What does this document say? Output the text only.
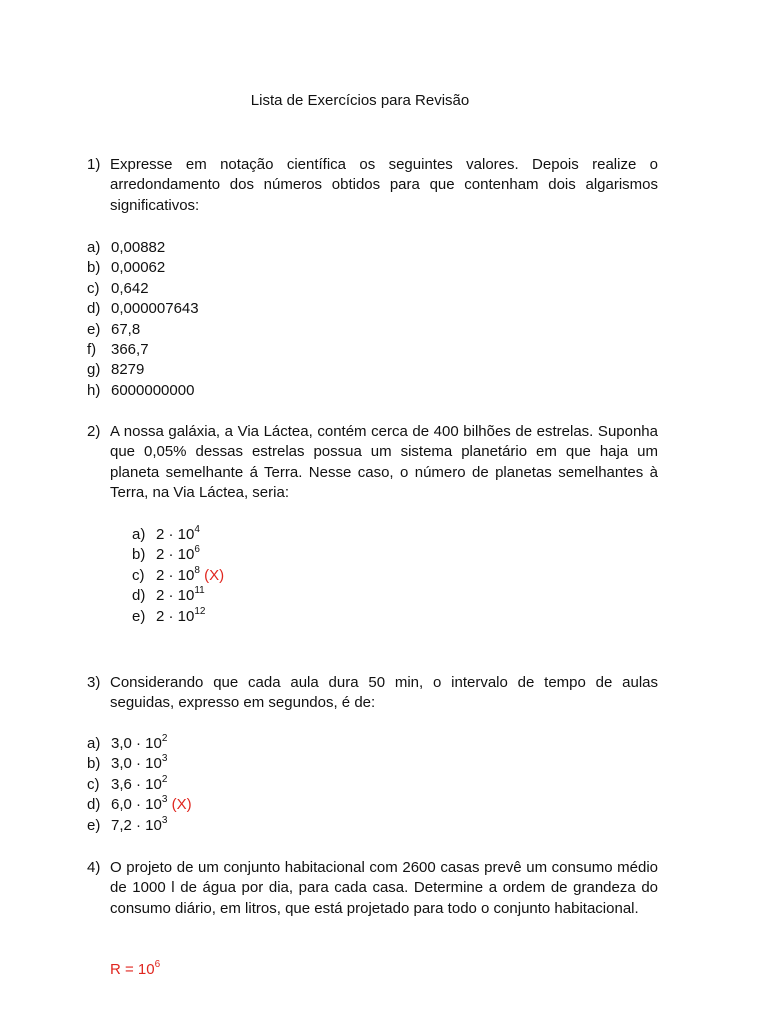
Lista de Exercícios para Revisão
1) Expresse em notação científica os seguintes valores. Depois realize o arredondamento dos números obtidos para que contenham dois algarismos significativos:
a) 0,00882
b) 0,00062
c) 0,642
d) 0,000007643
e) 67,8
f) 366,7
g) 8279
h) 6000000000
2) A nossa galáxia, a Via Láctea, contém cerca de 400 bilhões de estrelas. Suponha que 0,05% dessas estrelas possua um sistema planetário em que haja um planeta semelhante á Terra. Nesse caso, o número de planetas semelhantes à Terra, na Via Láctea, seria:
a) $2 \cdot 10^4$
b) $2 \cdot 10^6$
c) $2 \cdot 10^8$ (X)
d) $2 \cdot 10^{11}$
e) $2 \cdot 10^{12}$
3) Considerando que cada aula dura 50 min, o intervalo de tempo de aulas seguidas, expresso em segundos, é de:
a) $3,0 \cdot 10^2$
b) $3,0 \cdot 10^3$
c) $3,6 \cdot 10^2$
d) $6,0 \cdot 10^3$ (X)
e) $7,2 \cdot 10^3$
4) O projeto de um conjunto habitacional com 2600 casas prevê um consumo médio de 1000 l de água por dia, para cada casa. Determine a ordem de grandeza do consumo diário, em litros, que está projetado para todo o conjunto habitacional.
$R = 10^6$
